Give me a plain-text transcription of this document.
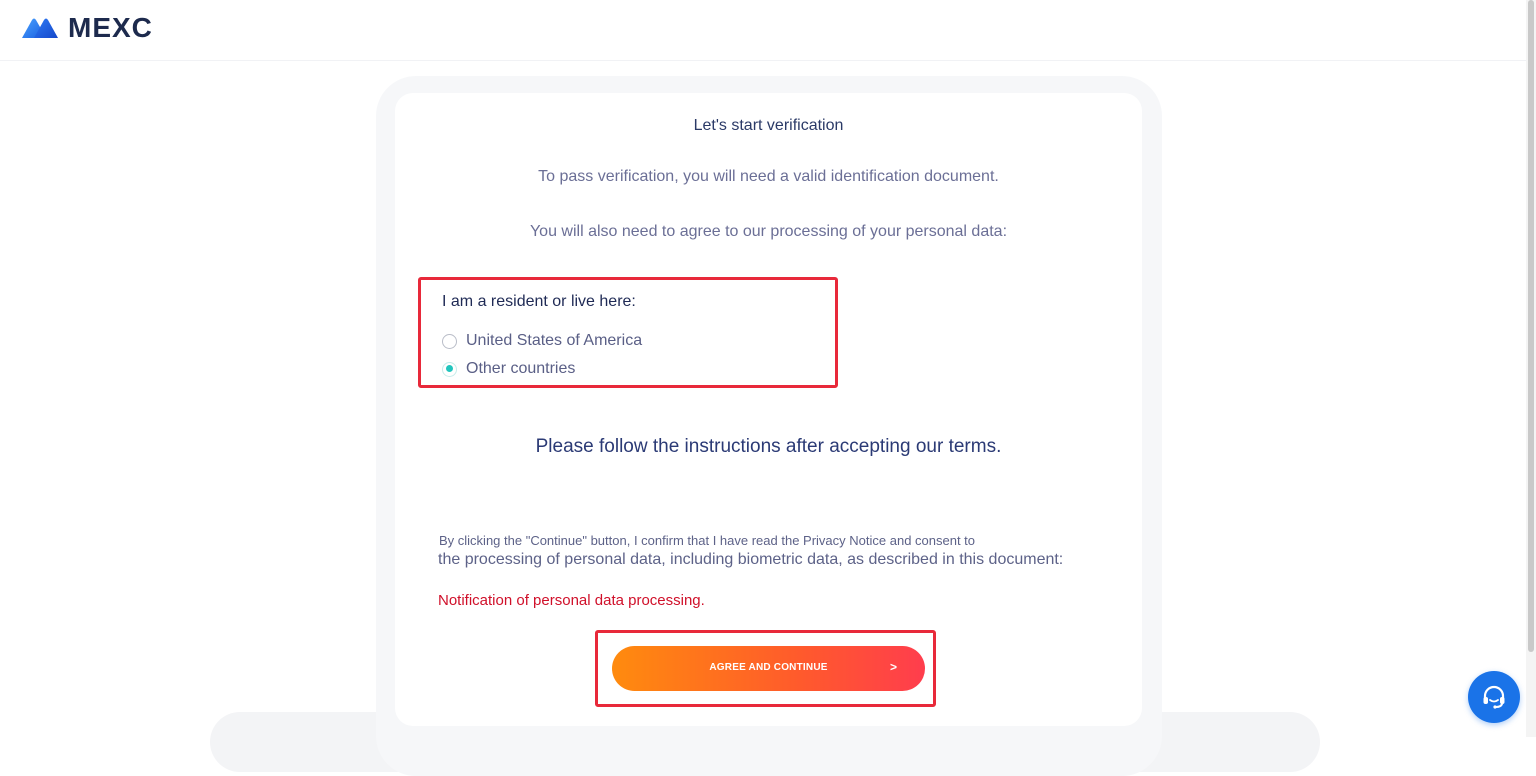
MEXC
Let's start verification
To pass verification, you will need a valid identification document.
You will also need to agree to our processing of your personal data:
I am a resident or live here:
United States of America
Other countries
Please follow the instructions after accepting our terms.
By clicking the "Continue" button, I confirm that I have read the Privacy Notice and consent to
the processing of personal data, including biometric data, as described in this document:
Notification of personal data processing.
AGREE AND CONTINUE	>
